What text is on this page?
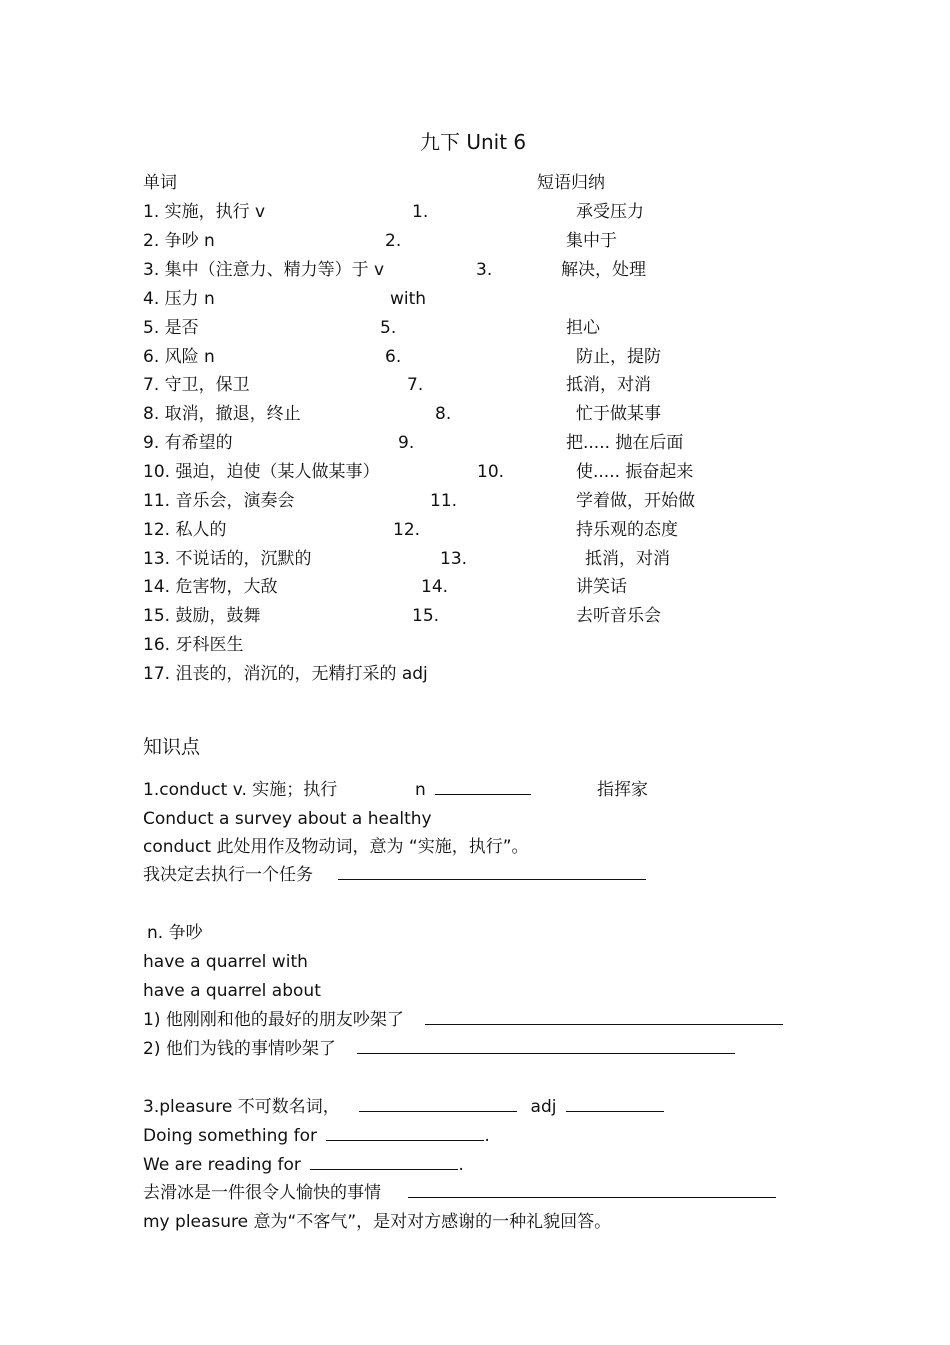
九下 Unit 6
单词	短语归纳
1. 实施，执行 v	1.	承受压力
2. 争吵 n	2.	集中于
3. 集中（注意力、精力等）于 v	3.	解决，处理
4. 压力 n	with
5. 是否	5.	担心
6. 风险 n	6.	防止，提防
7. 守卫，保卫	7.	抵消，对消
8. 取消，撤退，终止	8.	忙于做某事
9. 有希望的	9.	把..... 抛在后面
10. 强迫，迫使（某人做某事）	10.	使..... 振奋起来
11. 音乐会，演奏会	11.	学着做，开始做
12. 私人的	12.	持乐观的态度
13. 不说话的，沉默的	13.	抵消，对消
14. 危害物，大敌	14.	讲笑话
15. 鼓励，鼓舞	15.	去听音乐会
16. 牙科医生
17. 沮丧的，消沉的，无精打采的 adj
知识点
1.conduct v. 实施；执行	n	指挥家
Conduct a survey about a healthy
conduct 此处用作及物动词，意为 “实施，执行”。
我决定去执行一个任务
n. 争吵
have a quarrel with
have a quarrel about
1) 他刚刚和他的最好的朋友吵架了
2) 他们为钱的事情吵架了
3.pleasure 不可数名词，	adj
Doing something for	.
We are reading for	.
去滑冰是一件很令人愉快的事情
my pleasure 意为“不客气”，是对对方感谢的一种礼貌回答。
